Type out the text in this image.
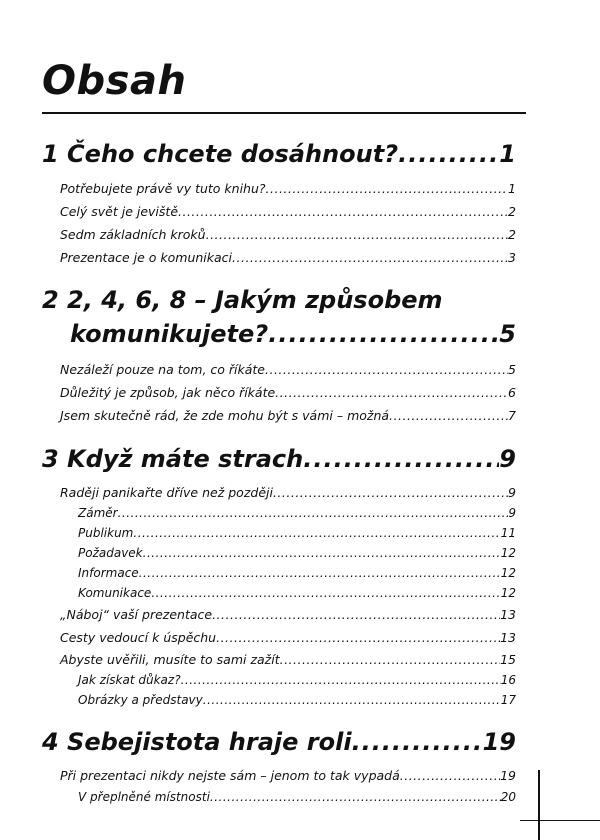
Obsah
1 Čeho chcete dosáhnout? .....	1
Potřebujete právě vy tuto knihu? .....	1
Celý svět je jeviště .....	2
Sedm základních kroků .....	2
Prezentace je o komunikaci .....	3
2 2, 4, 6, 8 – Jakým způsobem
komunikujete? .....	5
Nezáleží pouze na tom, co říkáte .....	5
Důležitý je způsob, jak něco říkáte .....	6
Jsem skutečně rád, že zde mohu být s vámi – možná .....	7
3 Když máte strach .....	9
Raději panikařte dříve než později .....	9
Záměr .....	9
Publikum .....	11
Požadavek .....	12
Informace .....	12
Komunikace .....	12
„Náboj“ vaší prezentace .....	13
Cesty vedoucí k úspěchu .....	13
Abyste uvěřili, musíte to sami zažít .....	15
Jak získat důkaz? .....	16
Obrázky a představy .....	17
4 Sebejistota hraje roli .....	19
Při prezentaci nikdy nejste sám – jenom to tak vypadá .....	19
V přeplněné místnosti .....	20
